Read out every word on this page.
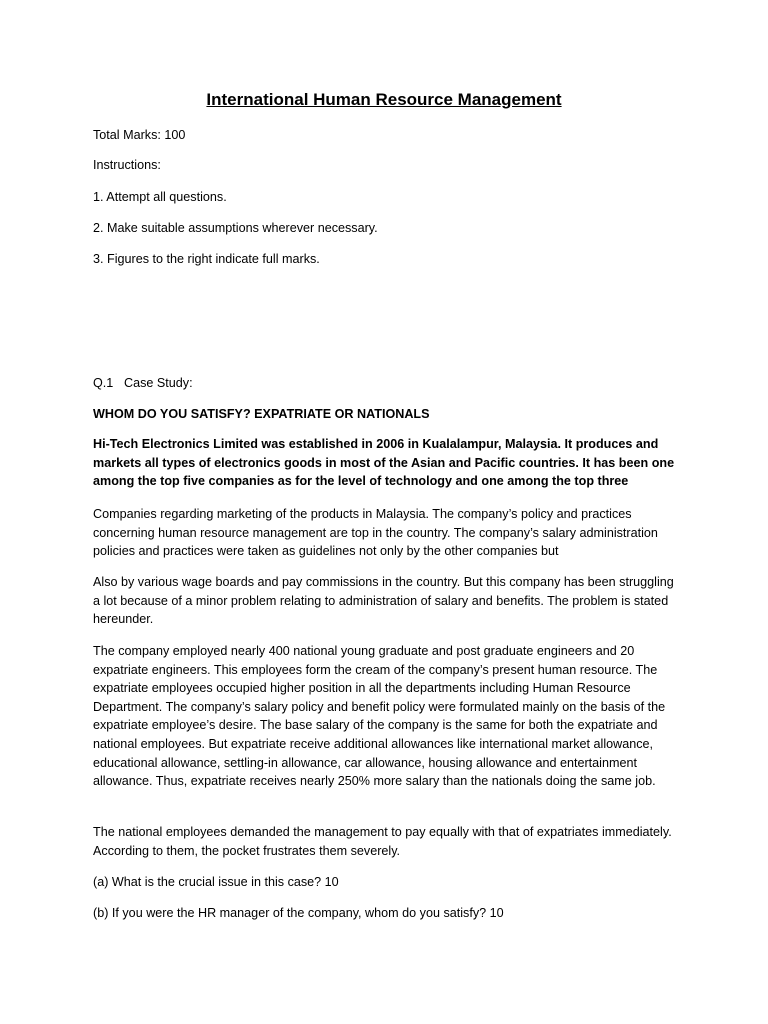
International Human Resource Management

Total Marks: 100

Instructions:

1. Attempt all questions.

2. Make suitable assumptions wherever necessary.

3. Figures to the right indicate full marks.

Q.1 Case Study:

WHOM DO YOU SATISFY? EXPATRIATE OR NATIONALS

Hi-Tech Electronics Limited was established in 2006 in Kualalampur, Malaysia. It produces and markets all types of electronics goods in most of the Asian and Pacific countries. It has been one among the top five companies as for the level of technology and one among the top three

Companies regarding marketing of the products in Malaysia. The company’s policy and practices concerning human resource management are top in the country. The company’s salary administration policies and practices were taken as guidelines not only by the other companies but

Also by various wage boards and pay commissions in the country. But this company has been struggling a lot because of a minor problem relating to administration of salary and benefits. The problem is stated hereunder.

The company employed nearly 400 national young graduate and post graduate engineers and 20 expatriate engineers. This employees form the cream of the company’s present human resource. The expatriate employees occupied higher position in all the departments including Human Resource Department. The company’s salary policy and benefit policy were formulated mainly on the basis of the expatriate employee’s desire. The base salary of the company is the same for both the expatriate and national employees. But expatriate receive additional allowances like international market allowance, educational allowance, settling-in allowance, car allowance, housing allowance and entertainment allowance. Thus, expatriate receives nearly 250% more salary than the nationals doing the same job.

The national employees demanded the management to pay equally with that of expatriates immediately. According to them, the pocket frustrates them severely.

(a) What is the crucial issue in this case? 10

(b) If you were the HR manager of the company, whom do you satisfy? 10
